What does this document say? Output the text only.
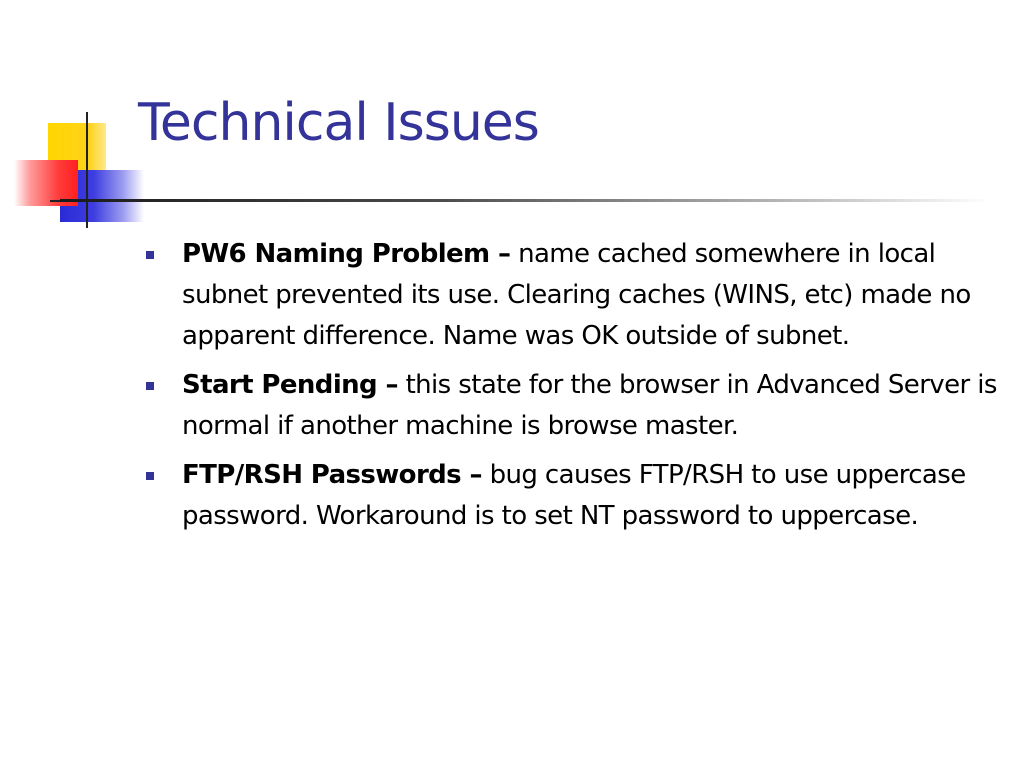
Technical Issues
PW6 Naming Problem – name cached somewhere in local subnet prevented its use. Clearing caches (WINS, etc) made no apparent difference. Name was OK outside of subnet.
Start Pending – this state for the browser in Advanced Server is normal if another machine is browse master.
FTP/RSH Passwords – bug causes FTP/RSH to use uppercase password. Workaround is to set NT password to uppercase.
